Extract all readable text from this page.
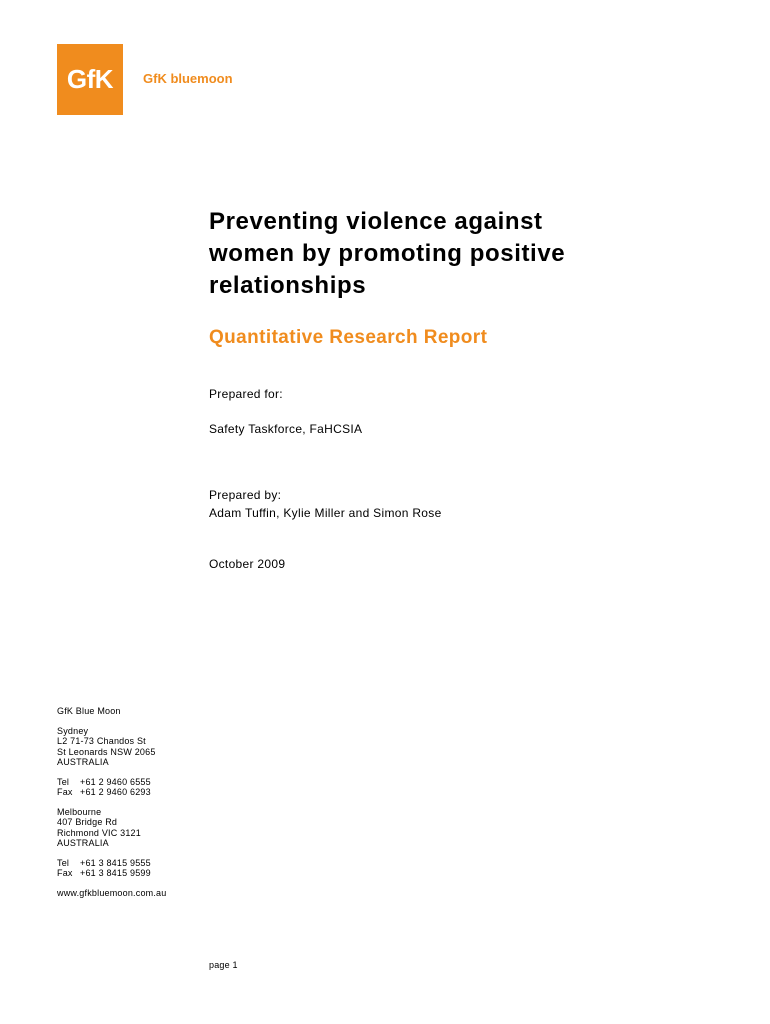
GfK GfK bluemoon
Preventing violence against
women by promoting positive
relationships
Quantitative Research Report
Prepared for:
Safety Taskforce, FaHCSIA
Prepared by:
Adam Tuffin, Kylie Miller and Simon Rose
October 2009
GfK Blue Moon
Sydney
L2 71-73 Chandos St
St Leonards NSW 2065
AUSTRALIA
Tel	+61 2 9460 6555
Fax +61 2 9460 6293
Melbourne
407 Bridge Rd
Richmond VIC 3121
AUSTRALIA
Tel	+61 3 8415 9555
Fax +61 3 8415 9599
www.gfkbluemoon.com.au
page 1
